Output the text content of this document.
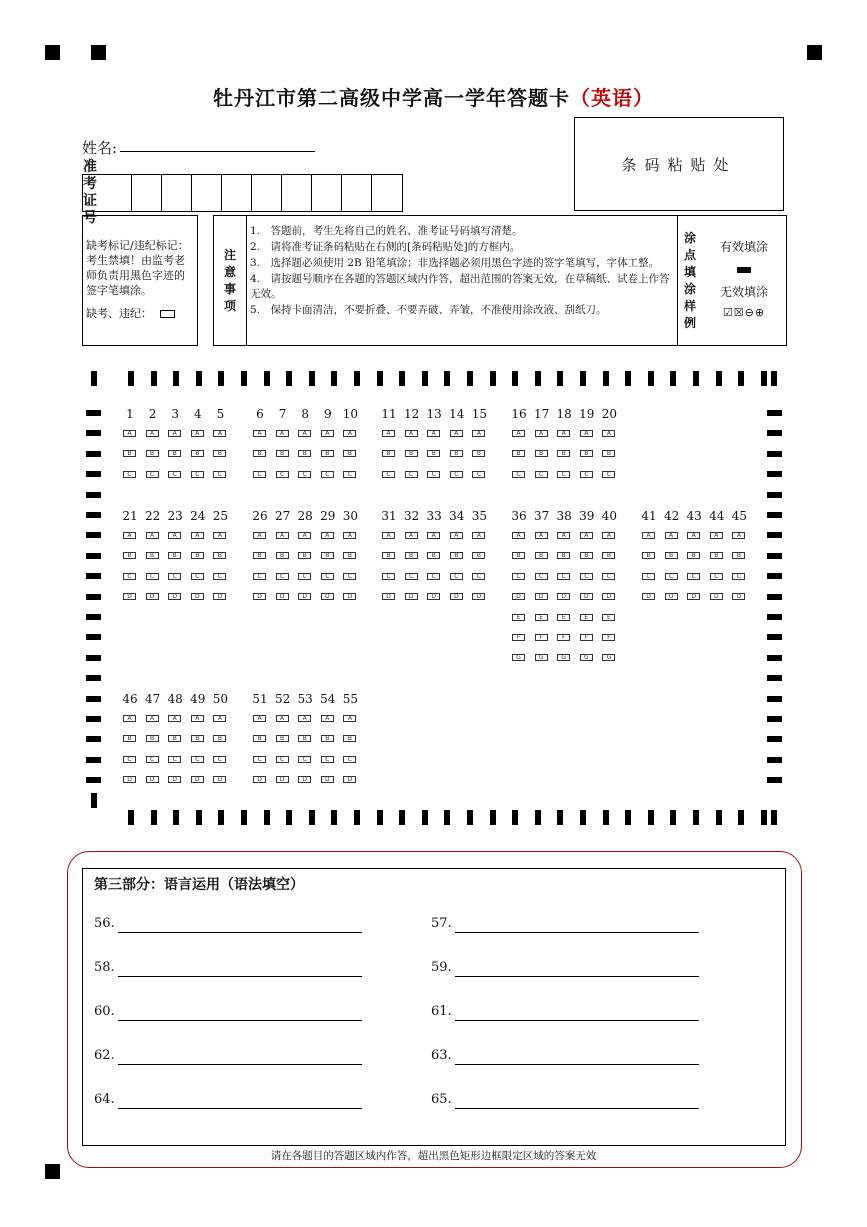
牡丹江市第二高级中学高一学年答题卡（英语）
姓名:
条码粘贴处
准 考
证 号
缺考标记/违纪标记：考生禁填！由监考老师负责用黑色字迹的签字笔填涂。
缺考、违纪：
注
意
事
项
1.　答题前，考生先将自己的姓名、准考证号码填写清楚。
2.　请将准考证条码粘贴在右侧的[条码粘贴处]的方框内。
3.　选择题必须使用 2B 铅笔填涂；非选择题必须用黑色字迹的签字笔填写，字体工整。
4.　请按题号顺序在各题的答题区域内作答，超出范围的答案无效，在草稿纸、试卷上作答无效。
5.　保持卡面清洁，不要折叠、不要弄破、弄皱，不准使用涂改液、刮纸刀。
涂
点
填
涂
样
例
有效填涂
无效填涂
☑☒⊖⊕
1
A
B
C
2
A
B
C
3
A
B
C
4
A
B
C
5
A
B
C
6
A
B
C
7
A
B
C
8
A
B
C
9
A
B
C
10
A
B
C
11
A
B
C
12
A
B
C
13
A
B
C
14
A
B
C
15
A
B
C
16
A
B
C
17
A
B
C
18
A
B
C
19
A
B
C
20
A
B
C
21
A
B
C
D
22
A
B
C
D
23
A
B
C
D
24
A
B
C
D
25
A
B
C
D
26
A
B
C
D
27
A
B
C
D
28
A
B
C
D
29
A
B
C
D
30
A
B
C
D
31
A
B
C
D
32
A
B
C
D
33
A
B
C
D
34
A
B
C
D
35
A
B
C
D
36
A
B
C
D
E
F
G
37
A
B
C
D
E
F
G
38
A
B
C
D
E
F
G
39
A
B
C
D
E
F
G
40
A
B
C
D
E
F
G
41
A
B
C
D
42
A
B
C
D
43
A
B
C
D
44
A
B
C
D
45
A
B
C
D
46
A
B
C
D
47
A
B
C
D
48
A
B
C
D
49
A
B
C
D
50
A
B
C
D
51
A
B
C
D
52
A
B
C
D
53
A
B
C
D
54
A
B
C
D
55
A
B
C
D
第三部分：语言运用（语法填空）
56.	57.
58.	59.
60.	61.
62.	63.
64.	65.
请在各题目的答题区域内作答，超出黑色矩形边框限定区域的答案无效
